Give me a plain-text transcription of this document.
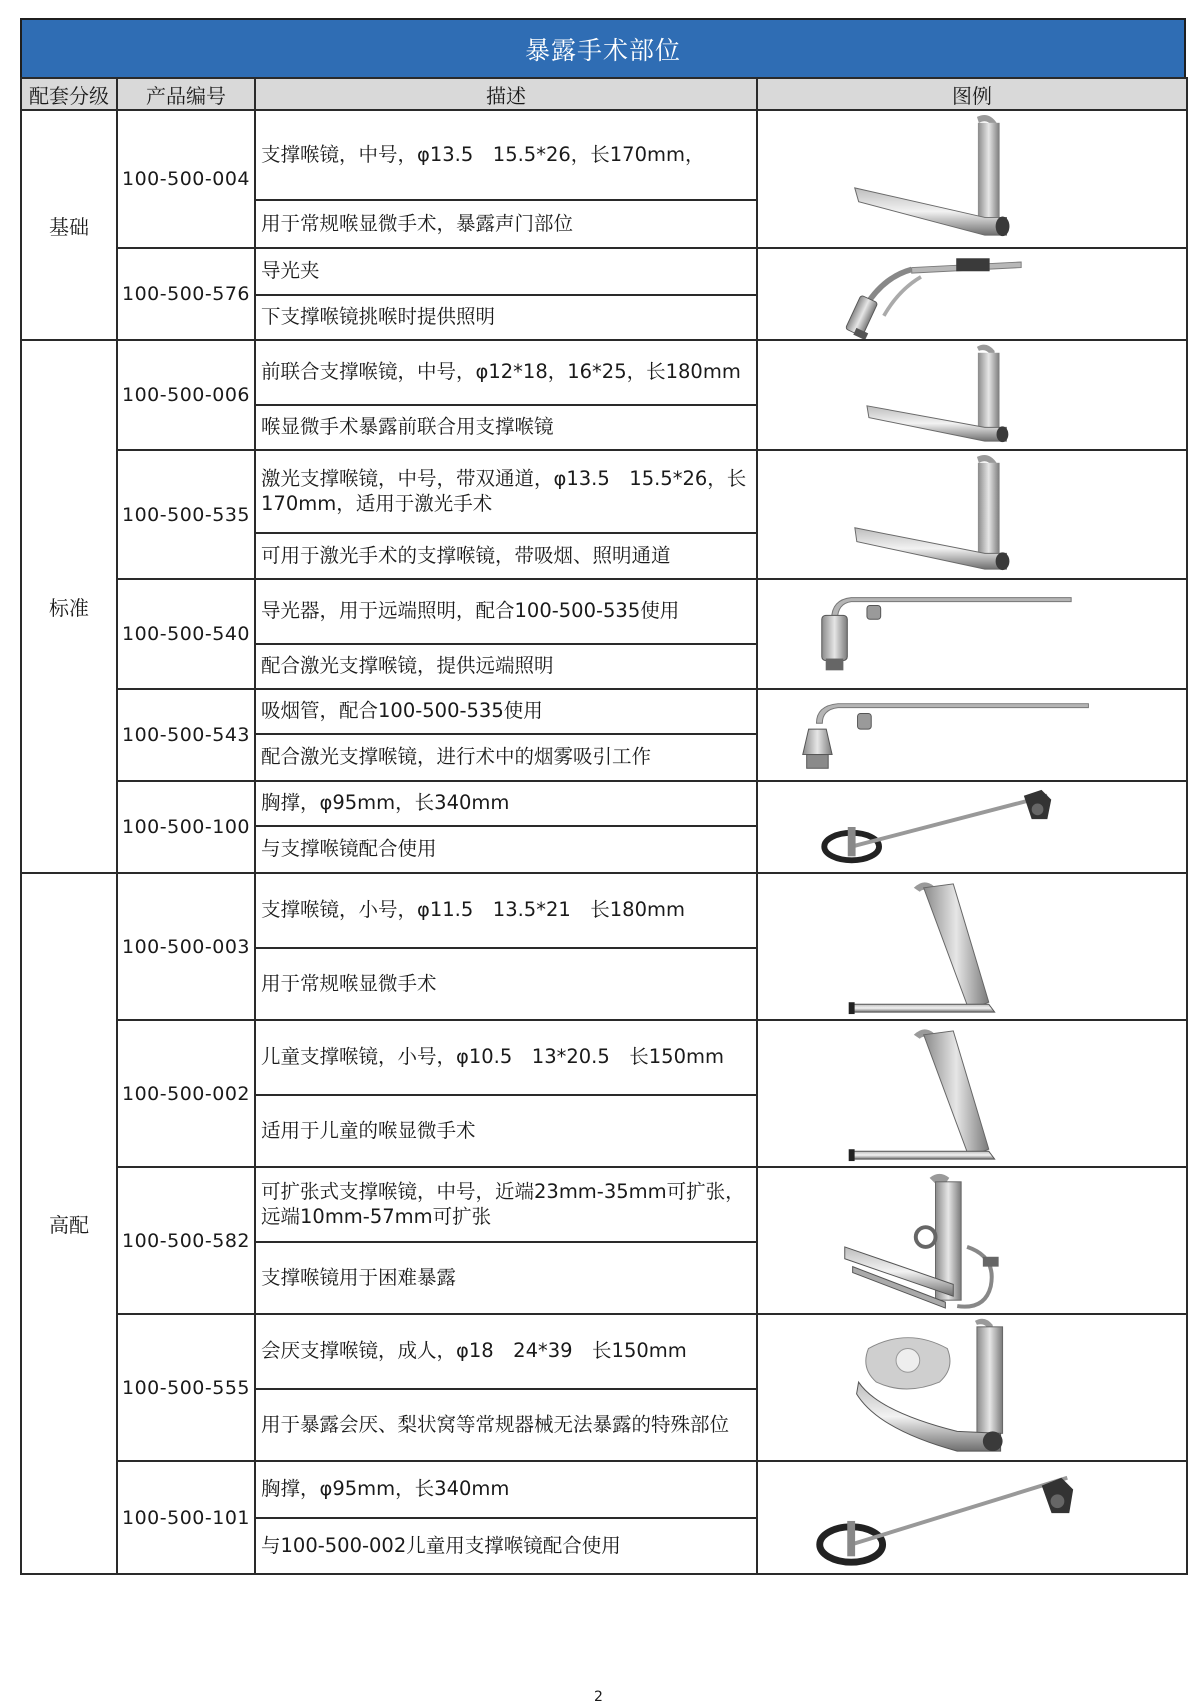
暴露手术部位
配套分级	产品编号	描述	图例
基础	100-500-004	支撑喉镜，中号，φ13.5　15.5*26，长170mm，	

		用于常规喉显微手术，暴露声门部位	
	100-500-576	导光夹	

		下支撑喉镜挑喉时提供照明	
标准	100-500-006	前联合支撑喉镜，中号，φ12*18，16*25，长180mm	

		喉显微手术暴露前联合用支撑喉镜	
	100-500-535	激光支撑喉镜，中号，带双通道，φ13.5　15.5*26，长170mm，适用于激光手术	

		可用于激光手术的支撑喉镜，带吸烟、照明通道	
	100-500-540	导光器，用于远端照明，配合100-500-535使用	

		配合激光支撑喉镜，提供远端照明	
	100-500-543	吸烟管，配合100-500-535使用	

		配合激光支撑喉镜，进行术中的烟雾吸引工作	
	100-500-100	胸撑，φ95mm，长340mm	

		与支撑喉镜配合使用	
高配	100-500-003	支撑喉镜，小号，φ11.5　13.5*21　长180mm	

		用于常规喉显微手术	
	100-500-002	儿童支撑喉镜，小号，φ10.5　13*20.5　长150mm	

		适用于儿童的喉显微手术	
	100-500-582	可扩张式支撑喉镜，中号，近端23mm-35mm可扩张，远端10mm-57mm可扩张	

		支撑喉镜用于困难暴露	
	100-500-555	会厌支撑喉镜，成人，φ18　24*39　长150mm	

		用于暴露会厌、梨状窝等常规器械无法暴露的特殊部位	
	100-500-101	胸撑，φ95mm，长340mm	

		与100-500-002儿童用支撑喉镜配合使用	
2
